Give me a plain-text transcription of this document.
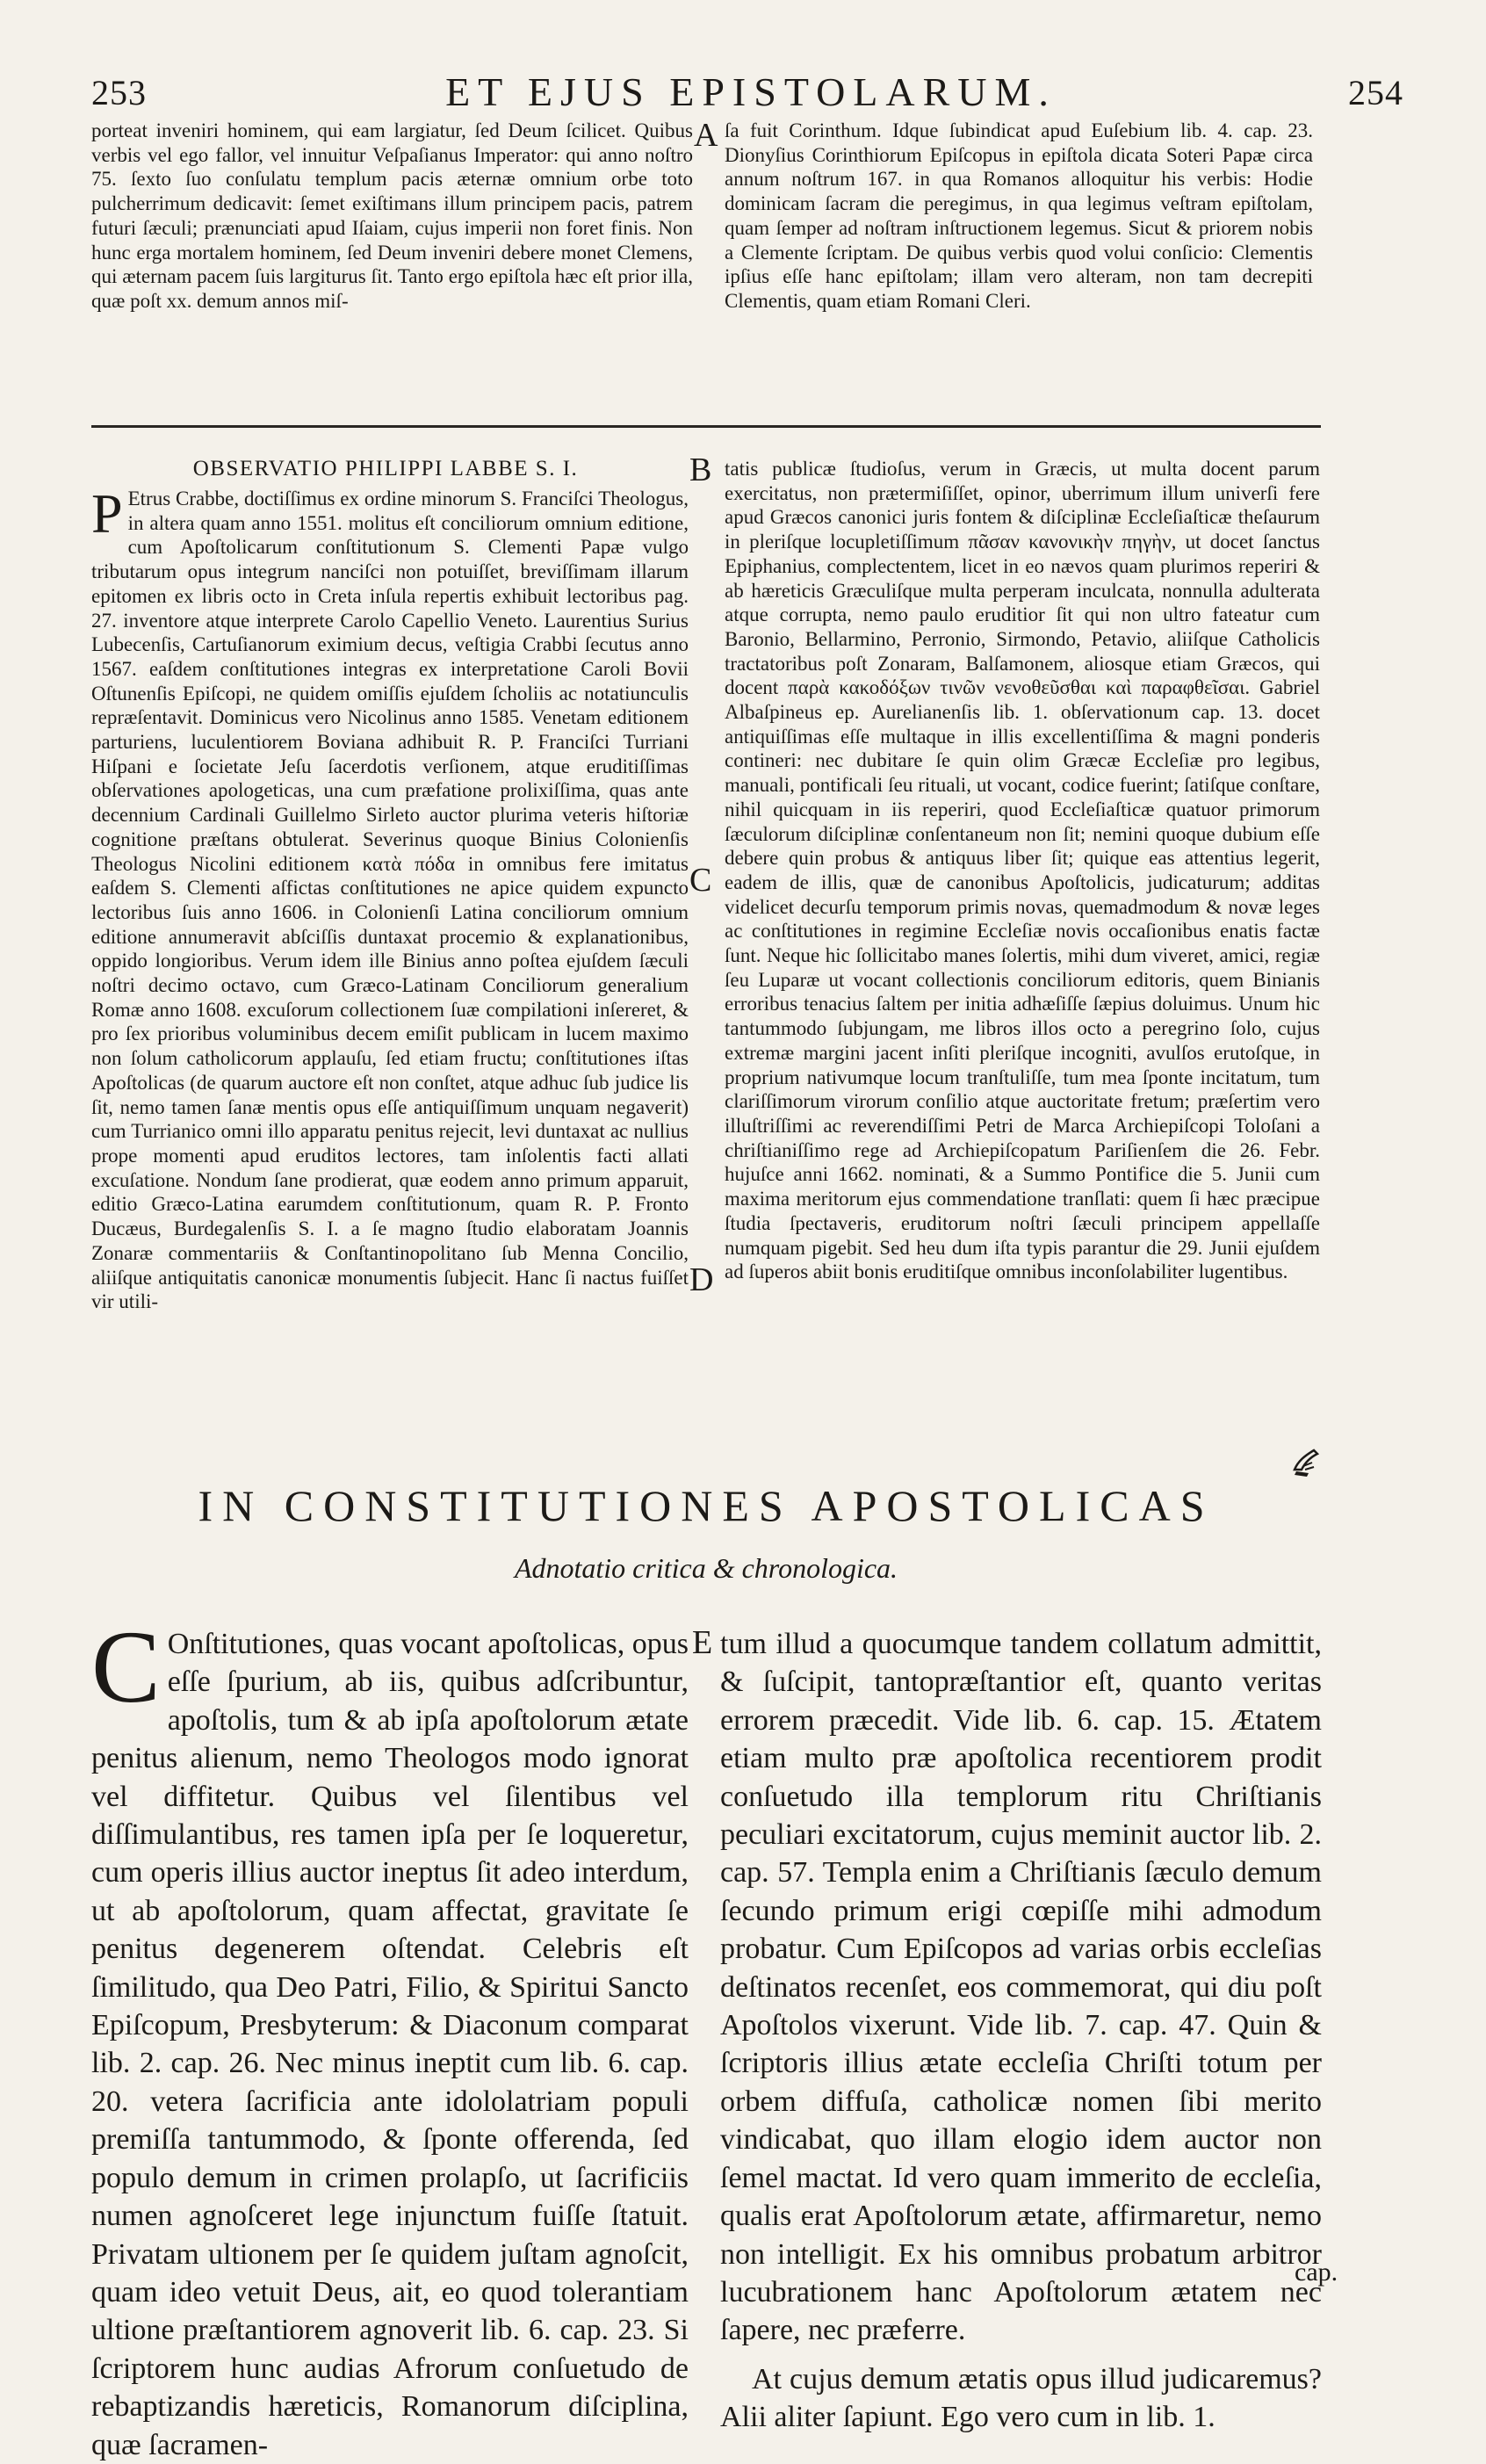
253	ET EJUS EPISTOLARUM.	254

porteat inveniri hominem, qui eam largiatur, ſed Deum ſcilicet. Quibus verbis vel ego fallor, vel innuitur Veſpaſianus Imperator: qui anno noſtro 75. ſexto ſuo conſulatu templum pacis æternæ omnium orbe toto pulcherrimum dedicavit: ſemet exiſtimans illum principem pacis, patrem futuri ſæculi; prænunciati apud Iſaiam, cujus imperii non foret finis. Non hunc erga mortalem hominem, ſed Deum inveniri debere monet Clemens, qui æternam pacem ſuis largiturus ſit. Tanto ergo epiſtola hæc eſt prior illa, quæ poſt xx. demum annos miſ-

A ſa fuit Corinthum. Idque ſubindicat apud Euſebium lib. 4. cap. 23. Dionyſius Corinthiorum Epiſcopus in epiſtola dicata Soteri Papæ circa annum noſtrum 167. in qua Romanos alloquitur his verbis: Hodie dominicam ſacram die peregimus, in qua legimus veſtram epiſtolam, quam ſemper ad noſtram inſtructionem legemus. Sicut & priorem nobis a Clemente ſcriptam. De quibus verbis quod volui conſicio: Clementis ipſius eſſe hanc epiſtolam; illam vero alteram, non tam decrepiti Clementis, quam etiam Romani Cleri.

OBSERVATIO PHILIPPI LABBE S. I.

P Etrus Crabbe, doctiſſimus ex ordine minorum S. Franciſci Theologus, in altera quam anno 1551. molitus eſt conciliorum omnium editione, cum Apoſtolicarum conſtitutionum S. Clementi Papæ vulgo tributarum opus integrum nanciſci non potuiſſet, breviſſimam illarum epitomen ex libris octo in Creta inſula repertis exhibuit lectoribus pag. 27. inventore atque interprete Carolo Capellio Veneto. Laurentius Surius Lubecenſis, Cartuſianorum eximium decus, veſtigia Crabbi ſecutus anno 1567. eaſdem conſtitutiones integras ex interpretatione Caroli Bovii Oſtunenſis Epiſcopi, ne quidem omiſſis ejuſdem ſcholiis ac notatiunculis repræſentavit. Dominicus vero Nicolinus anno 1585. Venetam editionem parturiens, luculentiorem Boviana adhibuit R. P. Franciſci Turriani Hiſpani e ſocietate Jeſu ſacerdotis verſionem, atque eruditiſſimas obſervationes apologeticas, una cum præfatione prolixiſſima, quas ante decennium Cardinali Guillelmo Sirleto auctor plurima veteris hiſtoriæ cognitione præſtans obtulerat. Severinus quoque Binius Colonienſis Theologus Nicolini editionem κατὰ πόδα in omnibus fere imitatus eaſdem S. Clementi aſfictas conſtitutiones ne apice quidem expuncto lectoribus ſuis anno 1606. in Colonienſi Latina conciliorum omnium editione annumeravit abſciſſis duntaxat procemio & explanationibus, oppido longioribus. Verum idem ille Binius anno poſtea ejuſdem ſæculi noſtri decimo octavo, cum Græco-Latinam Conciliorum generalium Romæ anno 1608. excuſorum collectionem ſuæ compilationi inſereret, & pro ſex prioribus voluminibus decem emiſit publicam in lucem maximo non ſolum catholicorum applauſu, ſed etiam fructu; conſtitutiones iſtas Apoſtolicas (de quarum auctore eſt non conſtet, atque adhuc ſub judice lis ſit, nemo tamen ſanæ mentis opus eſſe antiquiſſimum unquam negaverit) cum Turrianico omni illo apparatu penitus rejecit, levi duntaxat ac nullius prope momenti apud eruditos lectores, tam inſolentis facti allati excuſatione. Nondum ſane prodierat, quæ eodem anno primum apparuit, editio Græco-Latina earumdem conſtitutionum, quam R. P. Fronto Ducæus, Burdegalenſis S. I. a ſe magno ſtudio elaboratam Joannis Zonaræ commentariis & Conſtantinopolitano ſub Menna Concilio, aliiſque antiquitatis canonicæ monumentis ſubjecit. Hanc ſi nactus fuiſſet vir utili-

B
C
D

tatis publicæ ſtudioſus, verum in Græcis, ut multa docent parum exercitatus, non prætermiſiſſet, opinor, uberrimum illum univerſi fere apud Græcos canonici juris fontem & diſciplinæ Eccleſiaſticæ theſaurum in pleriſque locupletiſſimum πᾶσαν κανονικὴν πηγὴν, ut docet ſanctus Epiphanius, complectentem, licet in eo nævos quam plurimos reperiri & ab hæreticis Græculiſque multa perperam inculcata, nonnulla adulterata atque corrupta, nemo paulo eruditior ſit qui non ultro fateatur cum Baronio, Bellarmino, Perronio, Sirmondo, Petavio, aliiſque Catholicis tractatoribus poſt Zonaram, Balſamonem, aliosque etiam Græcos, qui docent παρὰ κακοδόξων τινῶν νενοθεῦσθαι καὶ παραφθεῖσαι. Gabriel Albaſpineus ep. Aurelianenſis lib. 1. obſervationum cap. 13. docet antiquiſſimas eſſe multaque in illis excellentiſſima & magni ponderis contineri: nec dubitare ſe quin olim Græcæ Eccleſiæ pro legibus, manuali, pontificali ſeu rituali, ut vocant, codice fuerint; ſatiſque conſtare, nihil quicquam in iis reperiri, quod Eccleſiaſticæ quatuor primorum ſæculorum diſciplinæ conſentaneum non ſit; nemini quoque dubium eſſe debere quin probus & antiquus liber ſit; quique eas attentius legerit, eadem de illis, quæ de canonibus Apoſtolicis, judicaturum; additas videlicet decurſu temporum primis novas, quemadmodum & novæ leges ac conſtitutiones in regimine Eccleſiæ novis occaſionibus enatis factæ ſunt. Neque hic ſollicitabo manes ſolertis, mihi dum viveret, amici, regiæ ſeu Luparæ ut vocant collectionis conciliorum editoris, quem Binianis erroribus tenacius ſaltem per initia adhæſiſſe ſæpius doluimus. Unum hic tantummodo ſubjungam, me libros illos octo a peregrino ſolo, cujus extremæ margini jacent inſiti pleriſque incogniti, avulſos erutoſque, in proprium nativumque locum tranſtuliſſe, tum mea ſponte incitatum, tum clariſſimorum virorum conſilio atque auctoritate fretum; præſertim vero illuſtriſſimi ac reverendiſſimi Petri de Marca Archiepiſcopi Toloſani a chriſtianiſſimo rege ad Archiepiſcopatum Pariſienſem die 26. Febr. hujuſce anni 1662. nominati, & a Summo Pontifice die 5. Junii cum maxima meritorum ejus commendatione tranſlati: quem ſi hæc præcipue ſtudia ſpectaveris, eruditorum noſtri ſæculi principem appellaſſe numquam pigebit. Sed heu dum iſta typis parantur die 29. Junii ejuſdem ad ſuperos abiit bonis eruditiſque omnibus inconſolabiliter lugentibus.

IN CONSTITUTIONES APOSTOLICAS
Adnotatio critica & chronologica.

C Onſtitutiones, quas vocant apoſtolicas, opus eſſe ſpurium, ab iis, quibus adſcribuntur, apoſtolis, tum & ab ipſa apoſtolorum ætate penitus alienum, nemo Theologos modo ignorat vel diffitetur. Quibus vel ſilentibus vel diſſimulantibus, res tamen ipſa per ſe loqueretur, cum operis illius auctor ineptus ſit adeo interdum, ut ab apoſtolorum, quam affectat, gravitate ſe penitus degenerem oſtendat. Celebris eſt ſimilitudo, qua Deo Patri, Filio, & Spiritui Sancto Epiſcopum, Presbyterum: & Diaconum comparat lib. 2. cap. 26. Nec minus ineptit cum lib. 6. cap. 20. vetera ſacrificia ante idololatriam populi premiſſa tantummodo, & ſponte offerenda, ſed populo demum in crimen prolapſo, ut ſacrificiis numen agnoſceret lege injunctum fuiſſe ſtatuit. Privatam ultionem per ſe quidem juſtam agnoſcit, quam ideo vetuit Deus, ait, eo quod tolerantiam ultione præſtantiorem agnoverit lib. 6. cap. 23. Si ſcriptorem hunc audias Afrorum conſuetudo de rebaptizandis hæreticis, Romanorum diſciplina, quæ ſacramen-

E tum illud a quocumque tandem collatum admittit, & ſuſcipit, tantopræſtantior eſt, quanto veritas errorem præcedit. Vide lib. 6. cap. 15. Ætatem etiam multo præ apoſtolica recentiorem prodit conſuetudo illa templorum ritu Chriſtianis peculiari excitatorum, cujus meminit auctor lib. 2. cap. 57. Templa enim a Chriſtianis ſæculo demum ſecundo primum erigi cœpiſſe mihi admodum probatur. Cum Epiſcopos ad varias orbis eccleſias deſtinatos recenſet, eos commemorat, qui diu poſt Apoſtolos vixerunt. Vide lib. 7. cap. 47. Quin & ſcriptoris illius ætate eccleſia Chriſti totum per orbem diffuſa, catholicæ nomen ſibi merito vindicabat, quo illam elogio idem auctor non ſemel mactat. Id vero quam immerito de eccleſia, qualis erat Apoſtolorum ætate, affirmaretur, nemo non intelligit. Ex his omnibus probatum arbitror lucubrationem hanc Apoſtolorum ætatem nec ſapere, nec præferre.

At cujus demum ætatis opus illud judicaremus? Alii aliter ſapiunt. Ego vero cum in lib. 1.

cap.
